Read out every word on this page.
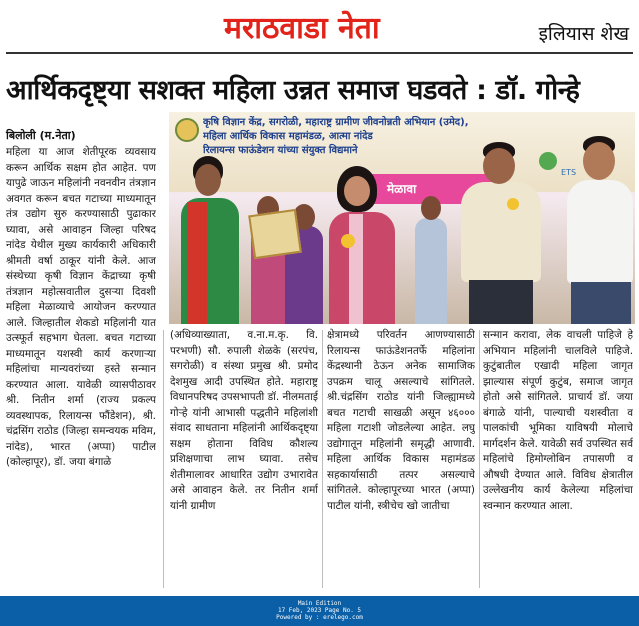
मराठवाडा नेता	इलियास शेख
आर्थिकदृष्ट्या सशक्त महिला उन्नत समाज घडवते : डॉ. गोन्हे
बिलोली (म.नेता)
कृषि विज्ञान केंद्र, सगरोळी, महाराष्ट्र ग्रामीण जीवनोन्नती अभियान (उमेद),
महिला आर्थिक विकास महामंडळ, आत्मा नांदेड
रिलायन्स फाऊंडेशन यांच्या संयुक्त विद्यमाने
मेळावा
ETS
महिला या आज शेतीपूरक व्यवसाय करून आर्थिक सक्षम होत आहेत. पण यापुढे जाऊन महिलांनी नवनवीन तंत्रज्ञान अवगत करून बचत गटाच्या माध्यमातून तंत्र उद्योग सुरु करण्यासाठी पुढाकार घ्यावा, असे आवाहन जिल्हा परिषद नांदेड येथील मुख्य कार्यकारी अधिकारी श्रीमती वर्षा ठाकूर यांनी केले. आज संस्थेच्या कृषी विज्ञान केंद्राच्या कृषी तंत्रज्ञान महोत्सवातील दुसऱ्या दिवशी महिला मेळाव्याचे आयोजन करण्यात आले. जिल्हातील शेकडो महिलांनी यात उत्स्फूर्त सहभाग घेतला. बचत गटाच्या माध्यमातून यशस्वी कार्य करणाऱ्या महिलांचा मान्यवरांच्या हस्ते सन्मान करण्यात आला. यावेळी व्यासपीठावर श्री. नितीन शर्मा (राज्य प्रकल्प व्यवस्थापक, रिलायन्स फौंडेशन), श्री. चंद्रसिंग राठोड (जिल्हा समन्वयक मविम, नांदेड), भारत (अप्पा) पाटील (कोल्हापूर), डॉ. जया बंगाळे
(अधिव्याख्याता, व.ना.म.कृ. वि. परभणी) सौ. रुपाली शेळके (सरपंच, सगरोळी) व संस्था प्रमुख श्री. प्रमोद देशमुख आदी उपस्थित होते. महाराष्ट्र विधानपरिषद उपसभापती डॉ. नीलमताई गोऱ्हे यांनी आभासी पद्धतीने महिलांशी संवाद साधताना महिलांनी आर्थिकदृष्ट्या सक्षम होताना विविध कौशल्य प्रशिक्षणाचा लाभ घ्यावा. तसेच शेतीमालावर आधारित उद्योग उभारावेत असे आवाहन केले. तर नितीन शर्मा यांनी ग्रामीण
क्षेत्रामध्ये परिवर्तन आणण्यासाठी रिलायन्स फाऊंडेशनतर्फे महिलांना केंद्रस्थानी ठेऊन अनेक सामाजिक उपक्रम चालू असल्याचे सांगितले. श्री.चंद्रसिंग राठोड यांनी जिल्ह्यामध्ये बचत गटाची साखळी असून ४६००० महिला गटाशी जोडलेल्या आहेत. लघु उद्योगातून महिलांनी समृद्धी आणावी. महिला आर्थिक विकास महामंडळ सहकार्यासाठी तत्पर असल्याचे सांगितले. कोल्हापूरच्या भारत (अप्पा) पाटील यांनी, स्त्रीचेच खो जातीचा
सन्मान करावा, लेक वाचली पाहिजे हे अभियान महिलांनी चालविले पाहिजे. कुटुंबातील एखादी महिला जागृत झाल्यास संपूर्ण कुटुंब, समाज जागृत होतो असे सांगितले. प्राचार्य डॉ. जया बंगाळे यांनी, पाल्याची यशस्वीता व पालकांची भूमिका याविषयी मोलाचे मार्गदर्शन केले. यावेळी सर्व उपस्थित सर्व महिलांचे हिमोग्लोबिन तपासणी व औषधी देण्यात आले. विविध क्षेत्रातील उल्लेखनीय कार्य केलेल्या महिलांचा स्वन्मान करण्यात आला.
Main Edition
17 Feb, 2023 Page No. 5
Powered by : erelego.com
